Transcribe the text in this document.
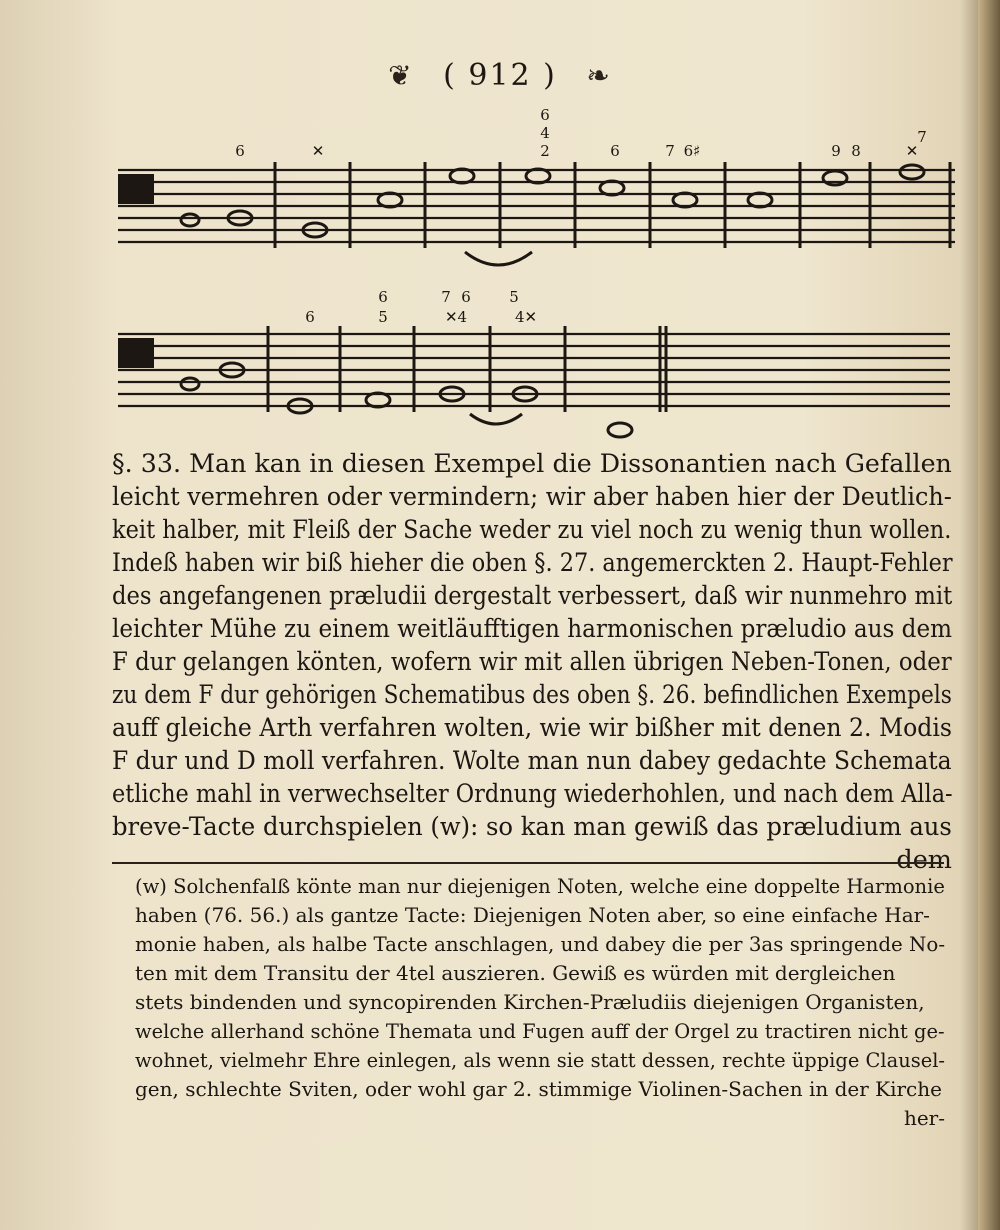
❦ ( 912 ) ❧
6	✕
6
4
2	6	7 6♯	9 8	✕
7
6
6
5
7 6
✕4
5
4✕
§. 33. Man kan in diesen Exempel die Dissonantien nach Gefallen
leicht vermehren oder vermindern; wir aber haben hier der Deutlich-
keit halber, mit Fleiß der Sache weder zu viel noch zu wenig thun wollen.
Indeß haben wir biß hieher die oben §. 27. angemerckten 2. Haupt-Fehler
des angefangenen præludii dergestalt verbessert, daß wir nunmehro mit
leichter Mühe zu einem weitläufftigen harmonischen præludio aus dem
F dur gelangen könten, wofern wir mit allen übrigen Neben-Tonen, oder
zu dem F dur gehörigen Schematibus des oben §. 26. befindlichen Exempels
auff gleiche Arth verfahren wolten, wie wir bißher mit denen 2. Modis
F dur und D moll verfahren. Wolte man nun dabey gedachte Schemata
etliche mahl in verwechselter Ordnung wiederhohlen, und nach dem Alla-
breve-Tacte durchspielen (w): so kan man gewiß das præludium aus
dem
(w) Solchenfalß könte man nur diejenigen Noten, welche eine doppelte Harmonie
haben (76. 56.) als gantze Tacte: Diejenigen Noten aber, so eine einfache Har-
monie haben, als halbe Tacte anschlagen, und dabey die per 3as springende No-
ten mit dem Transitu der 4tel auszieren. Gewiß es würden mit dergleichen
stets bindenden und syncopirenden Kirchen-Præludiis diejenigen Organisten,
welche allerhand schöne Themata und Fugen auff der Orgel zu tractiren nicht ge-
wohnet, vielmehr Ehre einlegen, als wenn sie statt dessen, rechte üppige Clausel-
gen, schlechte Sviten, oder wohl gar 2. stimmige Violinen-Sachen in der Kirche
her-
